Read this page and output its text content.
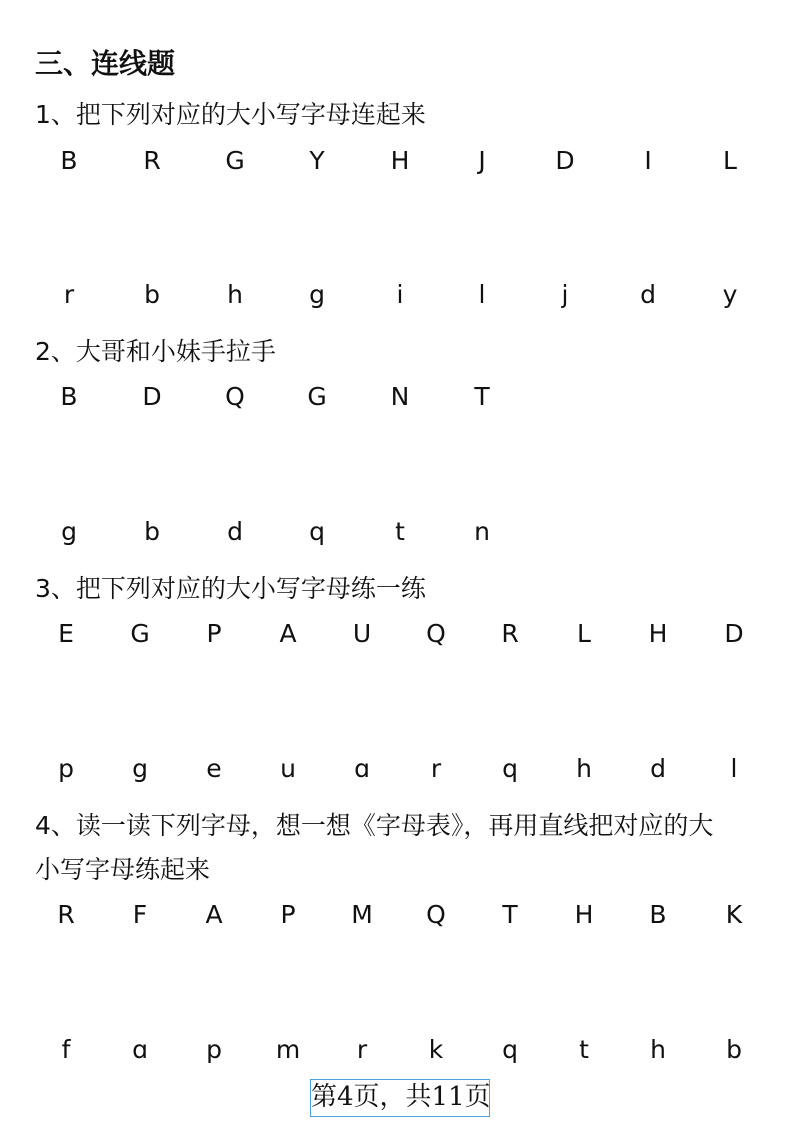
三、连线题
1、把下列对应的大小写字母连起来
B	R	G	Y	H	J	D	I	L
r	b	h	g	i	l	j	d	y
2、大哥和小妹手拉手
B	D	Q	G	N	T
g	b	d	q	t	n
3、把下列对应的大小写字母练一练
E	G	P	A	U	Q	R	L	H	D
p	g	e	u	ɑ	r	q	h	d	l
4、读一读下列字母，想一想《字母表》，再用直线把对应的大
小写字母练起来
R	F	A	P	M	Q	T	H	B	K
f	ɑ	p	m	r	k	q	t	h	b
第4页，共11页
